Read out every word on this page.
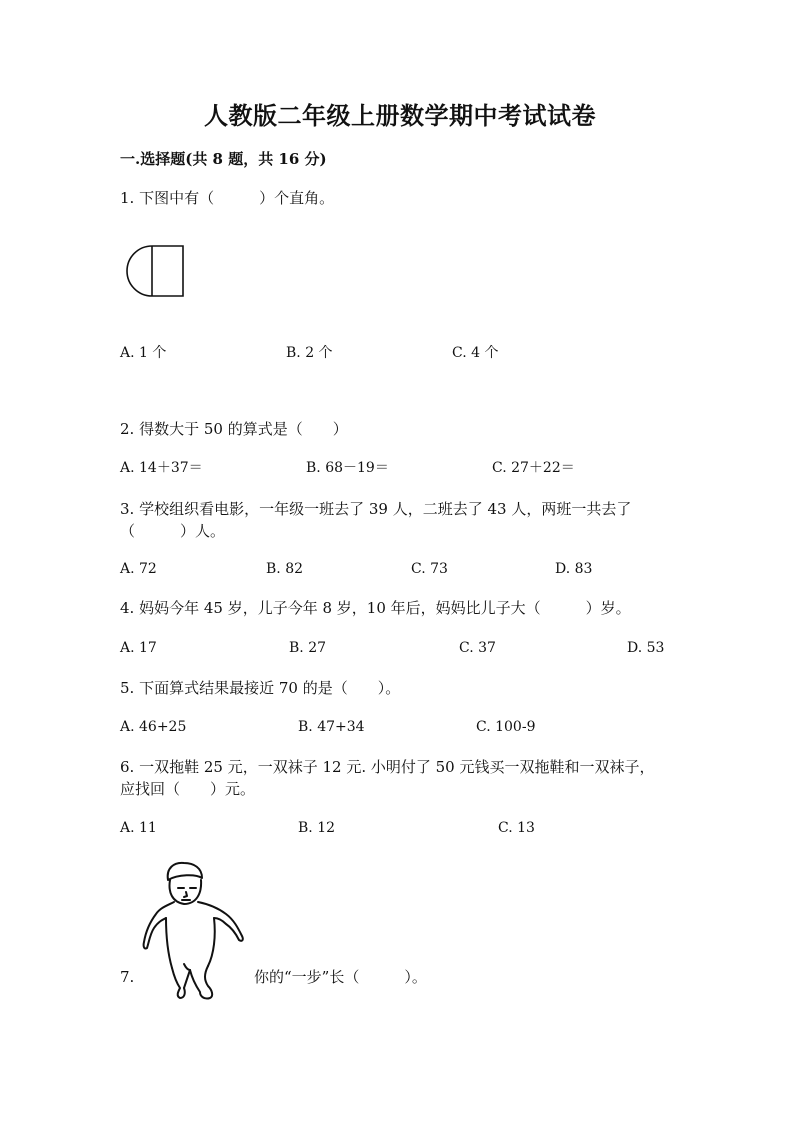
人教版二年级上册数学期中考试试卷
一.选择题(共 8 题，共 16 分)
1. 下图中有（　　　）个直角。
A. 1 个	B. 2 个	C. 4 个
2. 得数大于 50 的算式是（　　）
A. 14＋37＝	B. 68－19＝	C. 27＋22＝
3. 学校组织看电影，一年级一班去了 39 人，二班去了 43 人，两班一共去了
（　　　）人。
A. 72	B. 82	C. 73	D. 83
4. 妈妈今年 45 岁，儿子今年 8 岁，10 年后，妈妈比儿子大（　　　）岁。
A. 17	B. 27	C. 37	D. 53
5. 下面算式结果最接近 70 的是（　　）。
A. 46+25	B. 47+34	C. 100-9
6. 一双拖鞋 25 元，一双袜子 12 元. 小明付了 50 元钱买一双拖鞋和一双袜子，
应找回（　　）元。
A. 11	B. 12	C. 13
7.	你的“一步”长（　　　）。
